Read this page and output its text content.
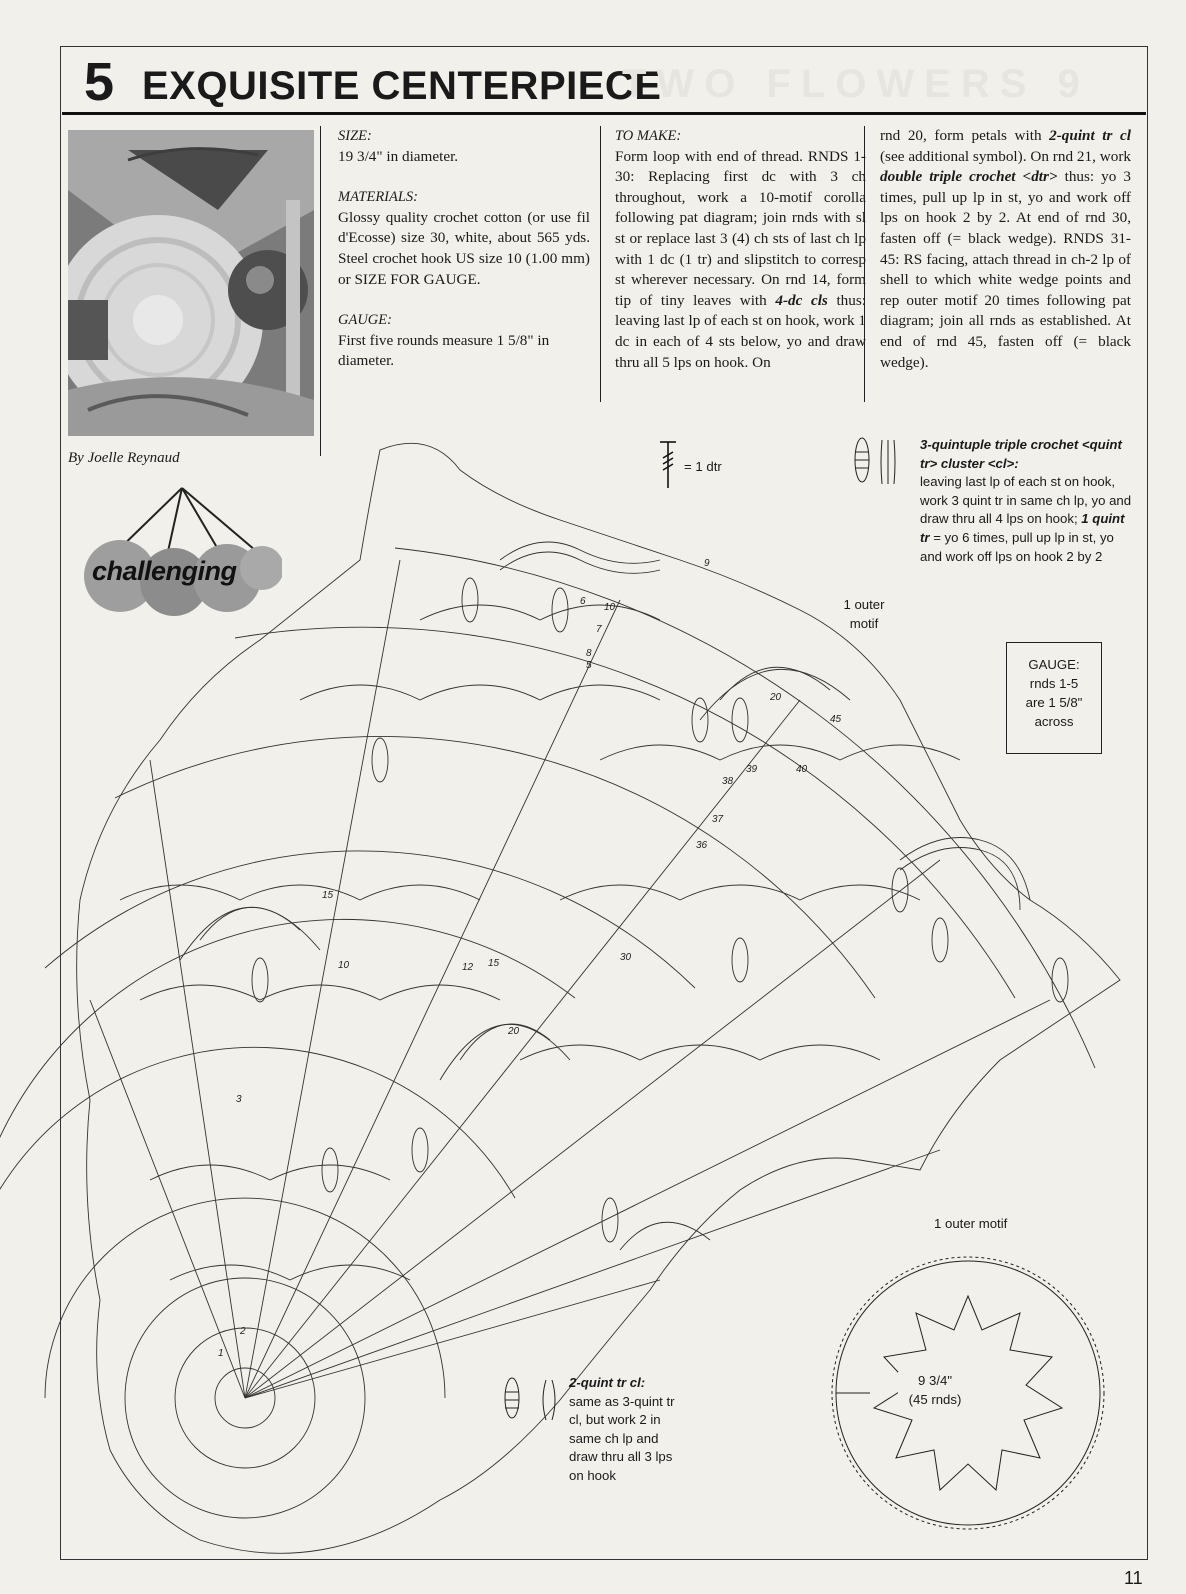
5 EXQUISITE CENTERPIECE
TWO FLOWERS 9
By Joelle Reynaud
challenging

SIZE:

19 3/4" in diameter.

MATERIALS:

Glossy quality crochet cotton (or use fil d'Ecosse) size 30, white, about 565 yds. Steel crochet hook US size 10 (1.00 mm) or SIZE FOR GAUGE.

GAUGE:

First five rounds measure 1 5/8" in diameter.

TO MAKE:

Form loop with end of thread. RNDS 1-30: Replacing first dc with 3 ch throughout, work a 10-motif corolla following pat diagram; join rnds with sl st or replace last 3 (4) ch sts of last ch lp with 1 dc (1 tr) and slipstitch to corresp st wherever necessary. On rnd 14, form tip of tiny leaves with 4-dc cls thus: leaving last lp of each st on hook, work 1 dc in each of 4 sts below, yo and draw thru all 5 lps on hook. On

rnd 20, form petals with 2-quint tr cl (see additional symbol). On rnd 21, work double triple crochet <dtr> thus: yo 3 times, pull up lp in st, yo and work off lps on hook 2 by 2. At end of rnd 30, fasten off (= black wedge). RNDS 31-45: RS facing, attach thread in ch-2 lp of shell to which white wedge points and rep outer motif 20 times following pat diagram; join all rnds as established. At end of rnd 45, fasten off (= black wedge).

15
10	12 15
20
6
9
10
7
8
5
3
2
1
20
30
40
45
39
38
37
36
= 1 dtr
3-quintuple triple crochet <quint tr> cluster <cl>:
leaving last lp of each st on hook, work 3 quint tr in same ch lp, yo and draw thru all 4 lps on hook; 1 quint tr = yo 6 times, pull up lp in st, yo and work off lps on hook 2 by 2
2-quint tr cl:
same as 3-quint tr cl, but work 2 in same ch lp and draw thru all 3 lps on hook
1 outer motif
1 outer motif
GAUGE:
rnds 1-5
are 1 5/8"
across
9 3/4"
(45 rnds)
11
